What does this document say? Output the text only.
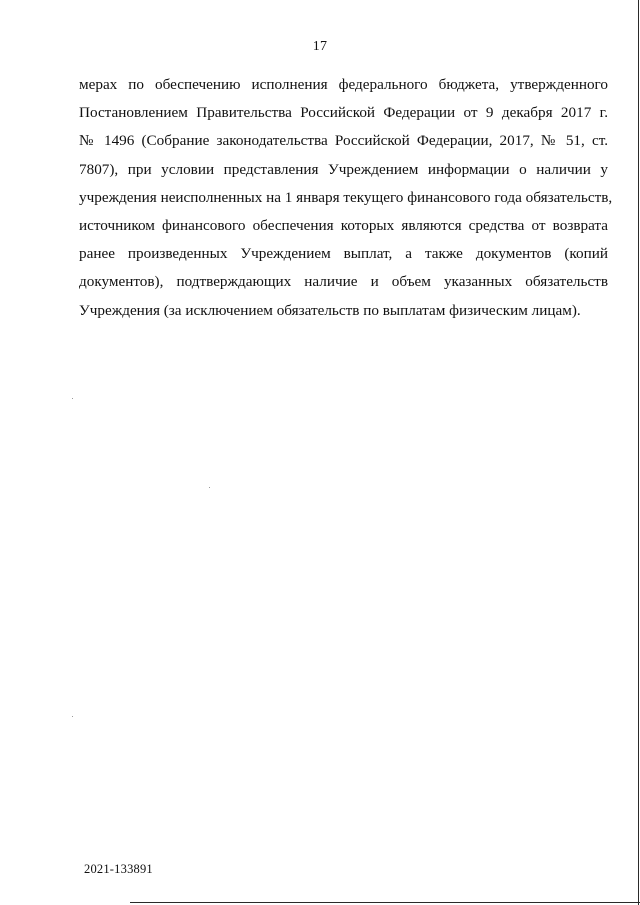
17

мерах по обеспечению исполнения федерального бюджета, утвержденного
Постановлением Правительства Российской Федерации от 9 декабря 2017 г.
№ 1496 (Собрание законодательства Российской Федерации, 2017, № 51, ст.
7807), при условии представления Учреждением информации о наличии у
учреждения неисполненных на 1 января текущего финансового года обязательств,
источником финансового обеспечения которых являются средства от возврата
ранее произведенных Учреждением выплат, а также документов (копий
документов), подтверждающих наличие и объем указанных обязательств
Учреждения (за исключением обязательств по выплатам физическим лицам).

2021-133891
